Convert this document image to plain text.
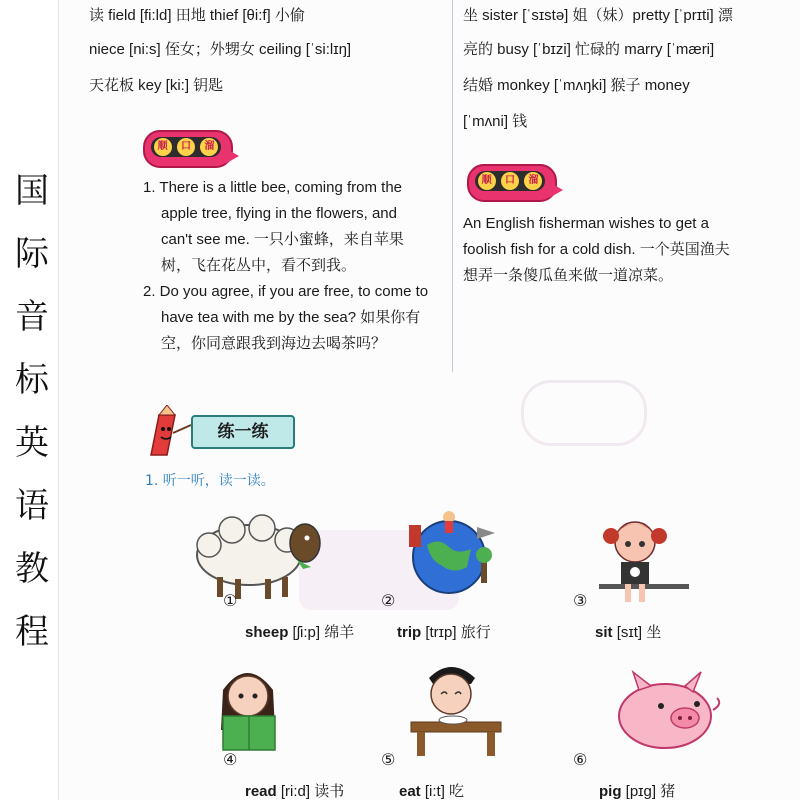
国
际
音
标
英
语
教
程
读 field [fi:ld] 田地 thief [θi:f] 小偷
niece [ni:s] 侄女；外甥女 ceiling [ˈsi:lɪŋ]
天花板 key [ki:] 钥匙
顺	口	溜
1. There is a little bee, coming from the
apple tree, flying in the flowers, and
can't see me. 一只小蜜蜂，来自苹果
树，飞在花丛中，看不到我。
2. Do you agree, if you are free, to come to
have tea with me by the sea? 如果你有
空，你同意跟我到海边去喝茶吗？
坐 sister [ˈsɪstə] 姐（妹）pretty [ˈprɪti] 漂
亮的 busy [ˈbɪzi] 忙碌的 marry [ˈmæri]
结婚 monkey [ˈmʌŋki] 猴子 money
[ˈmʌni] 钱
顺	口	溜
An English fisherman wishes to get a
foolish fish for a cold dish. 一个英国渔夫
想弄一条傻瓜鱼来做一道凉菜。
练一练
1. 听一听，读一读。
①
sheep [ʃi:p] 绵羊
②
trip [trɪp] 旅行
③
sit [sɪt] 坐
④
read [ri:d] 读书
⑤
eat [i:t] 吃
⑥
pig [pɪg] 猪
